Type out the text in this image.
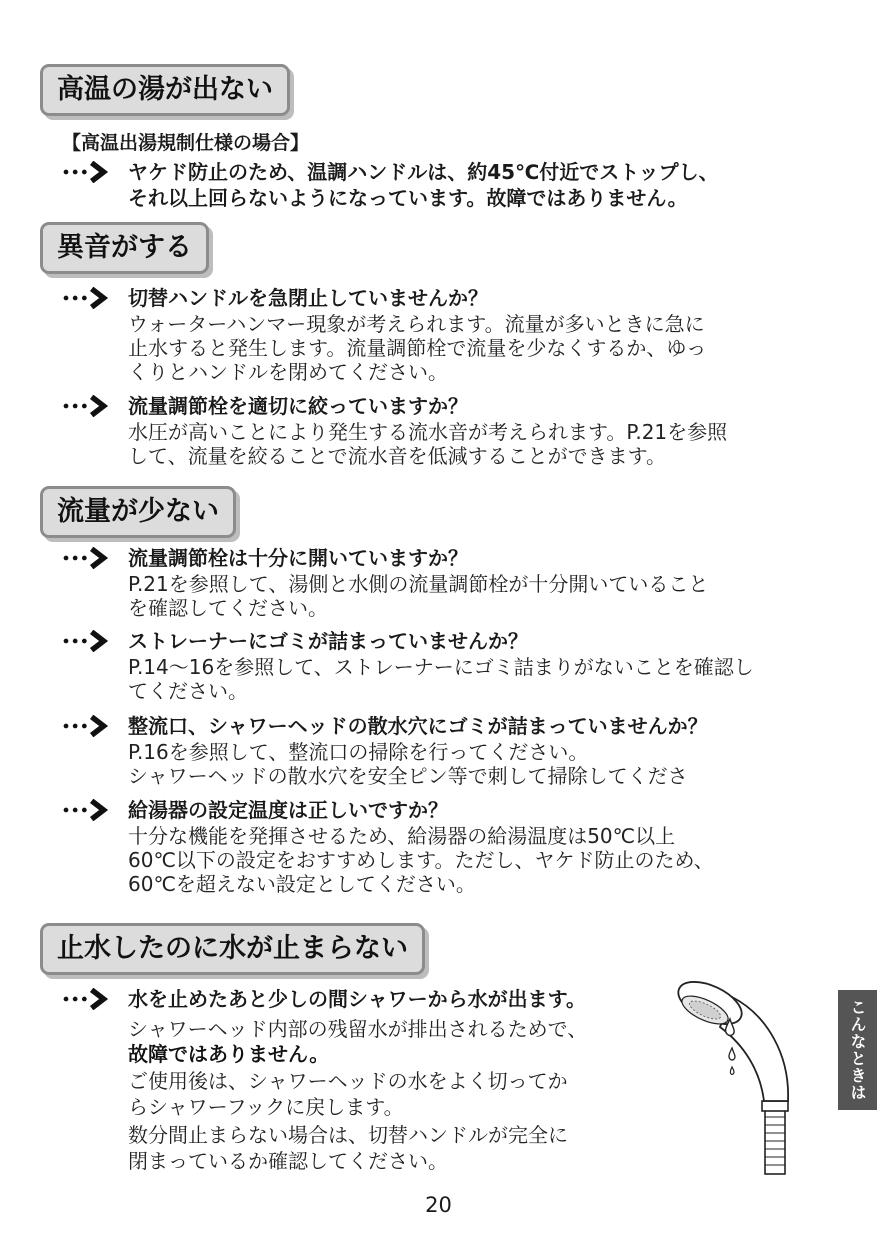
高温の湯が出ない
【高温出湯規制仕様の場合】
ヤケド防止のため、温調ハンドルは、約45℃付近でストップし、
それ以上回らないようになっています。故障ではありません。
異音がする
切替ハンドルを急閉止していませんか？
ウォーターハンマー現象が考えられます。流量が多いときに急に
止水すると発生します。流量調節栓で流量を少なくするか、ゆっ
くりとハンドルを閉めてください。
流量調節栓を適切に絞っていますか？
水圧が高いことにより発生する流水音が考えられます。P.21を参照
して、流量を絞ることで流水音を低減することができます。
流量が少ない
流量調節栓は十分に開いていますか？
P.21を参照して、湯側と水側の流量調節栓が十分開いていること
を確認してください。
ストレーナーにゴミが詰まっていませんか？
P.14〜16を参照して、ストレーナーにゴミ詰まりがないことを確認し
てください。
整流口、シャワーヘッドの散水穴にゴミが詰まっていませんか？
P.16を参照して、整流口の掃除を行ってください。
シャワーヘッドの散水穴を安全ピン等で刺して掃除してくださ
給湯器の設定温度は正しいですか？
十分な機能を発揮させるため、給湯器の給湯温度は50℃以上
60℃以下の設定をおすすめします。ただし、ヤケド防止のため、
60℃を超えない設定としてください。
止水したのに水が止まらない
水を止めたあと少しの間シャワーから水が出ます。
シャワーヘッド内部の残留水が排出されるためで、
故障ではありません。
ご使用後は、シャワーヘッドの水をよく切ってか
らシャワーフックに戻します。
数分間止まらない場合は、切替ハンドルが完全に
閉まっているか確認してください。
こんなときは
20
